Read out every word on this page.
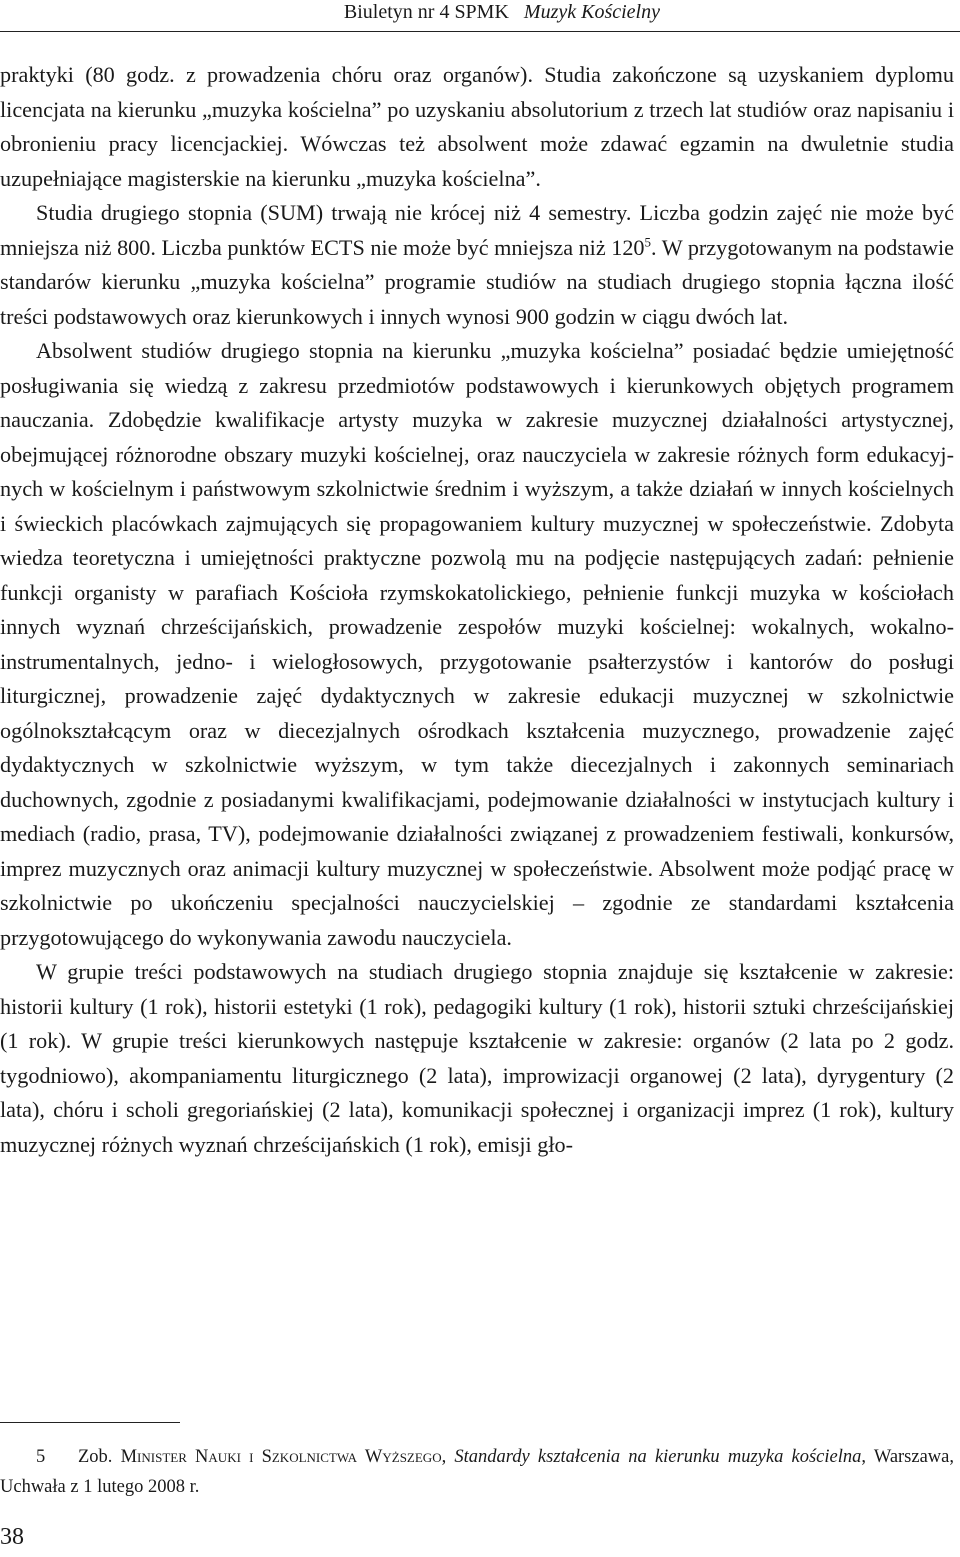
Biuletyn nr 4 SPMK Muzyk Kościelny

praktyki (80 godz. z prowadzenia chóru oraz organów). Studia zakończone są uzyskaniem dyplomu licencjata na kierunku „muzyka kościelna” po uzyskaniu absolutorium z trzech lat studiów oraz napisaniu i obronieniu pracy licencjackiej. Wówczas też absolwent może zdawać egzamin na dwuletnie studia uzupełniające magisterskie na kierunku „muzyka kościelna”.

Studia drugiego stopnia (SUM) trwają nie krócej niż 4 semestry. Liczba godzin zajęć nie może być mniejsza niż 800. Liczba punktów ECTS nie może być mniejsza niż $120^5$. W przygotowanym na podstawie standarów kierunku „muzyka kościelna” programie studiów na studiach drugiego stopnia łączna ilość treści podstawowych oraz kierunkowych i innych wynosi 900 godzin w ciągu dwóch lat.

Absolwent studiów drugiego stopnia na kierunku „muzyka kościelna” posiadać będzie umiejętność posługiwania się wiedzą z zakresu przedmiotów podstawowych i kierunkowych objętych programem nauczania. Zdobędzie kwalifikacje artysty muzyka w zakresie muzycznej działalności artystycznej, obejmującej różnorodne obszary muzyki kościelnej, oraz nauczyciela w zakresie różnych form edukacyjnych w kościelnym i państwowym szkolnictwie średnim i wyższym, a także działań w innych kościelnych i świeckich placówkach zajmujących się propagowaniem kultury muzycznej w społeczeństwie. Zdobyta wiedza teoretyczna i umiejętności praktyczne pozwolą mu na podjęcie następujących zadań: pełnienie funkcji organisty w parafiach Kościoła rzymskokatolickiego, pełnienie funkcji muzyka w kościołach innych wyznań chrześcijańskich, prowadzenie zespołów muzyki kościelnej: wokalnych, wokalno-instrumentalnych, jedno- i wielogłosowych, przygotowanie psałterzystów i kantorów do posługi liturgicznej, prowadzenie zajęć dydaktycznych w zakresie edukacji muzycznej w szkolnictwie ogólnokształcącym oraz w diecezjalnych ośrodkach kształcenia muzycznego, prowadzenie zajęć dydaktycznych w szkolnictwie wyższym, w tym także diecezjalnych i zakonnych seminariach duchownych, zgodnie z posiadanymi kwalifikacjami, podejmowanie działalności w instytucjach kultury i mediach (radio, prasa, TV), podejmowanie działalności związanej z prowadzeniem festiwali, konkursów, imprez muzycznych oraz animacji kultury muzycznej w społeczeństwie. Absolwent może podjąć pracę w szkolnictwie po ukończeniu specjalności nauczycielskiej – zgodnie ze standardami kształcenia przygotowującego do wykonywania zawodu nauczyciela.

W grupie treści podstawowych na studiach drugiego stopnia znajduje się kształcenie w zakresie: historii kultury (1 rok), historii estetyki (1 rok), pedagogiki kultury (1 rok), historii sztuki chrześcijańskiej (1 rok). W grupie treści kierunkowych następuje kształcenie w zakresie: organów (2 lata po 2 godz. tygodniowo), akompaniamentu liturgicznego (2 lata), improwizacji organowej (2 lata), dyrygentury (2 lata), chóru i scholi gregoriańskiej (2 lata), komunikacji społecznej i organizacji imprez (1 rok), kultury muzycznej różnych wyznań chrześcijańskich (1 rok), emisji gło-

5 Zob. Minister Nauki i Szkolnictwa Wyższego, Standardy kształcenia na kierunku muzyka kościelna, Warszawa, Uchwała z 1 lutego 2008 r.
38
